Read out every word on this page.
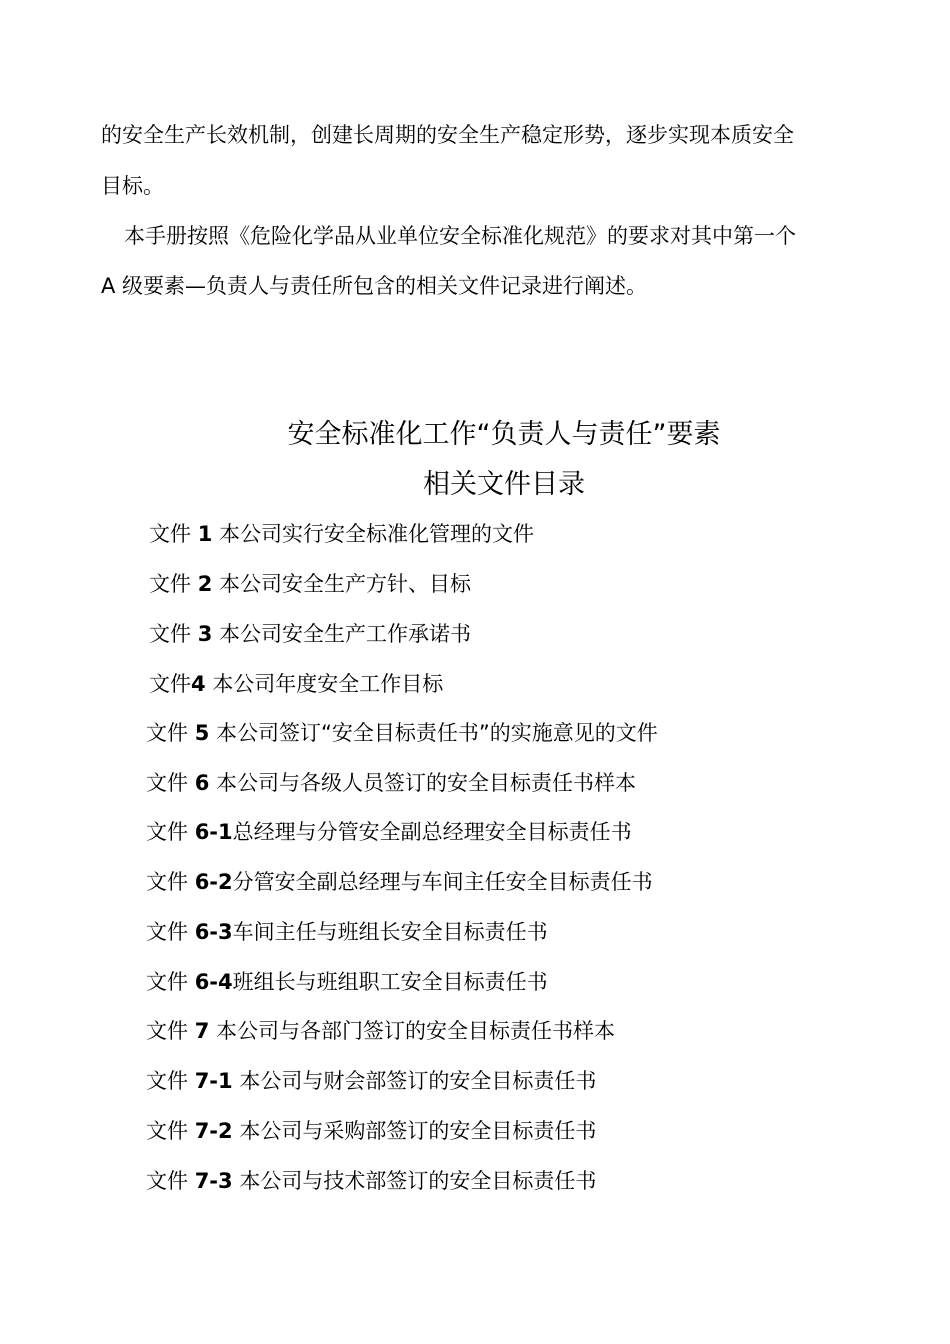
的安全生产长效机制，创建长周期的安全生产稳定形势，逐步实现本质安全
目标。
本手册按照《危险化学品从业单位安全标准化规范》的要求对其中第一个
A 级要素—负责人与责任所包含的相关文件记录进行阐述。
安全标准化工作“负责人与责任”要素
相关文件目录
文件 1 本公司实行安全标准化管理的文件
文件 2 本公司安全生产方针、目标
文件 3 本公司安全生产工作承诺书
文件4 本公司年度安全工作目标
文件 5 本公司签订“安全目标责任书”的实施意见的文件
文件 6 本公司与各级人员签订的安全目标责任书样本
文件 6-1总经理与分管安全副总经理安全目标责任书
文件 6-2分管安全副总经理与车间主任安全目标责任书
文件 6-3车间主任与班组长安全目标责任书
文件 6-4班组长与班组职工安全目标责任书
文件 7 本公司与各部门签订的安全目标责任书样本
文件 7-1 本公司与财会部签订的安全目标责任书
文件 7-2 本公司与采购部签订的安全目标责任书
文件 7-3 本公司与技术部签订的安全目标责任书
